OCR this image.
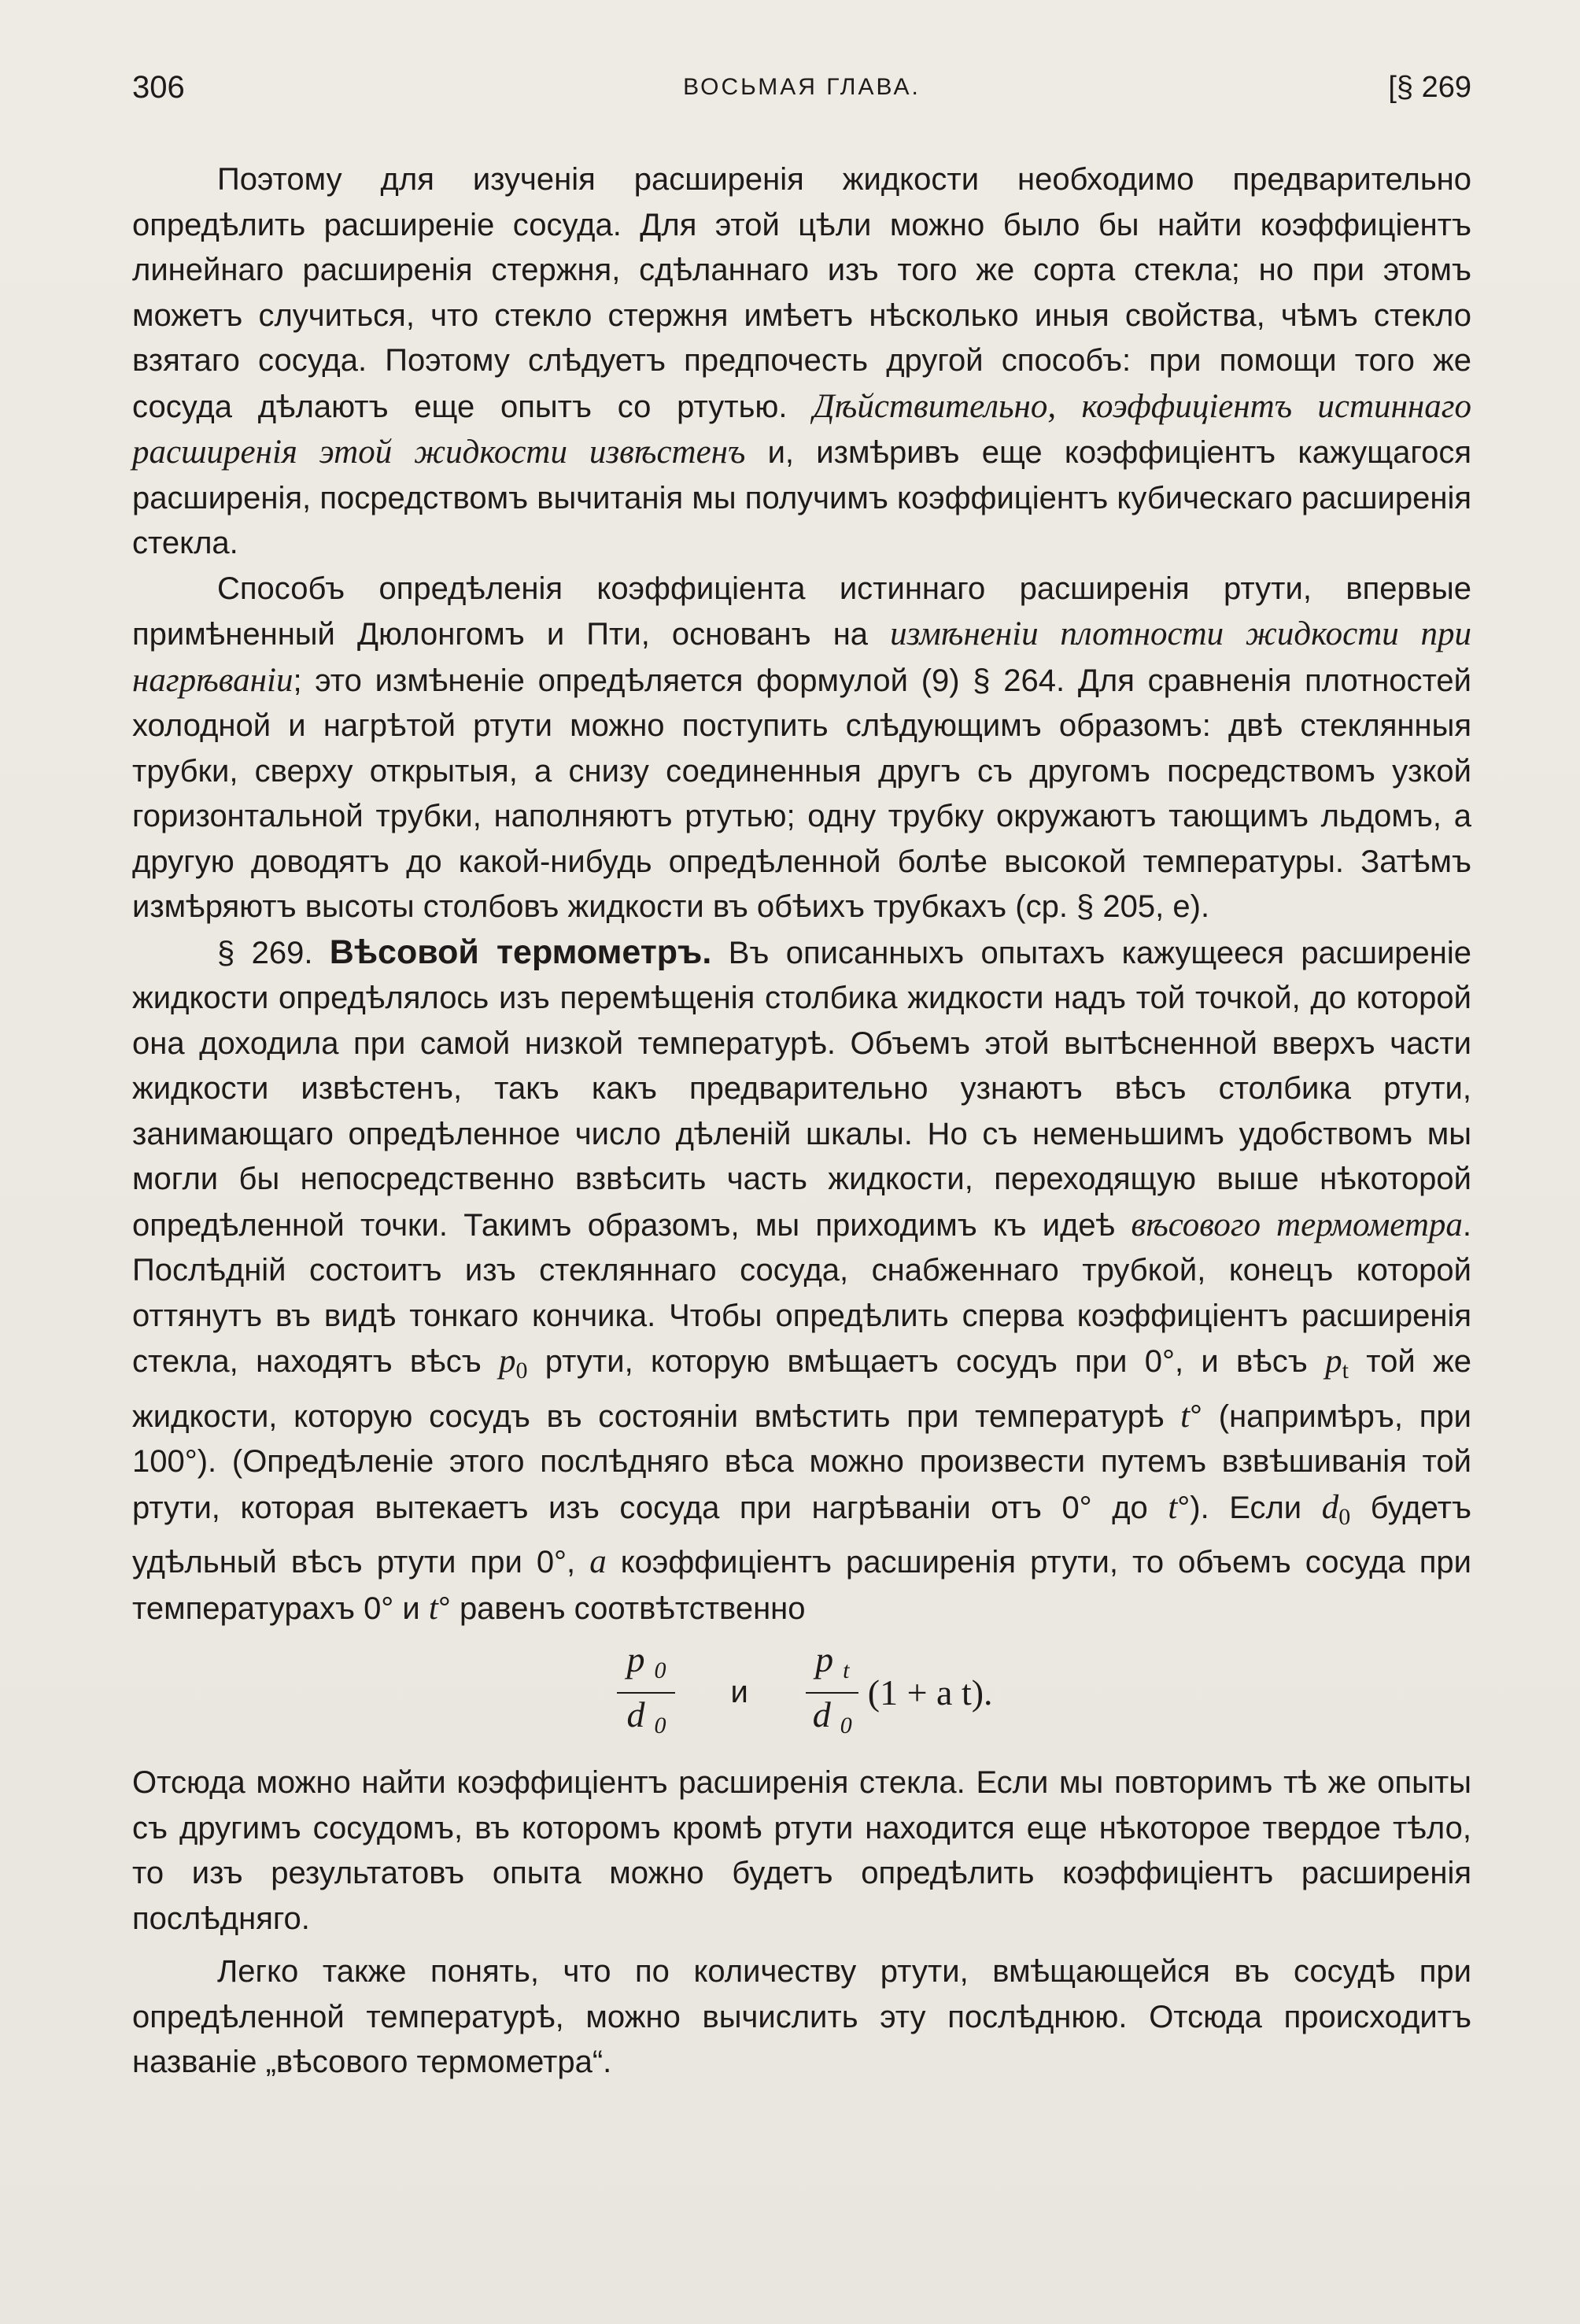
306	ВОСЬМАЯ ГЛАВА.	[§ 269

Поэтому для изученія расширенія жидкости необходимо предварительно опредѣлить расширеніе сосуда. Для этой цѣли можно было бы найти коэффиціентъ линейнаго расширенія стержня, сдѣланнаго изъ того же сорта стекла; но при этомъ можетъ случиться, что стекло стержня имѣетъ нѣсколько иныя свойства, чѣмъ стекло взятаго сосуда. Поэтому слѣдуетъ предпочесть другой способъ: при помощи того же сосуда дѣлаютъ еще опытъ со ртутью. Дѣйствительно, коэффиціентъ истиннаго расширенія этой жидкости извѣстенъ и, измѣривъ еще коэффиціентъ кажущагося расширенія, посредствомъ вычитанія мы получимъ коэффиціентъ кубическаго расширенія стекла.

Способъ опредѣленія коэффиціента истиннаго расширенія ртути, впервые примѣненный Дюлонгомъ и Пти, основанъ на измѣненіи плотности жидкости при нагрѣваніи; это измѣненіе опредѣляется формулой (9) § 264. Для сравненія плотностей холодной и нагрѣтой ртути можно поступить слѣдующимъ образомъ: двѣ стеклянныя трубки, сверху открытыя, а снизу соединенныя другъ съ другомъ посредствомъ узкой горизонтальной трубки, наполняютъ ртутью; одну трубку окружаютъ тающимъ льдомъ, а другую доводятъ до какой-нибудь опредѣленной болѣе высокой температуры. Затѣмъ измѣряютъ высоты столбовъ жидкости въ обѣихъ трубкахъ (ср. § 205, е).

§ 269. Вѣсовой термометръ. Въ описанныхъ опытахъ кажущееся расширеніе жидкости опредѣлялось изъ перемѣщенія столбика жидкости надъ той точкой, до которой она доходила при самой низкой температурѣ. Объемъ этой вытѣсненной вверхъ части жидкости извѣстенъ, такъ какъ предварительно узнаютъ вѣсъ столбика ртути, занимающаго опредѣленное число дѣленій шкалы. Но съ неменьшимъ удобствомъ мы могли бы непосредственно взвѣсить часть жидкости, переходящую выше нѣкоторой опредѣленной точки. Такимъ образомъ, мы приходимъ къ идеѣ вѣсового термометра. Послѣдній состоитъ изъ стекляннаго сосуда, снабженнаго трубкой, конецъ которой оттянутъ въ видѣ тонкаго кончика. Чтобы опредѣлить сперва коэффиціентъ расширенія стекла, находятъ вѣсъ $p_0$ ртути, которую вмѣщаетъ сосудъ при 0°, и вѣсъ $p_t$ той же жидкости, которую сосудъ въ состояніи вмѣстить при температурѣ t° (напримѣръ, при 100°). (Опредѣленіе этого послѣдняго вѣса можно произвести путемъ взвѣшиванія той ртути, которая вытекаетъ изъ сосуда при нагрѣваніи отъ 0° до t°). Если $d_0$ будетъ удѣльный вѣсъ ртути при 0°, a коэффиціентъ расширенія ртути, то объемъ сосуда при температурахъ 0° и t° равенъ соотвѣтственно

$\frac{p _0}{d _0}$ и $\frac{p _t}{d _0} (1 + a$ t).

Отсюда можно найти коэффиціентъ расширенія стекла. Если мы повторимъ тѣ же опыты съ другимъ сосудомъ, въ которомъ кромѣ ртути находится еще нѣкоторое твердое тѣло, то изъ результатовъ опыта можно будетъ опредѣлить коэффиціентъ расширенія послѣдняго.

Легко также понять, что по количеству ртути, вмѣщающейся въ сосудѣ при опредѣленной температурѣ, можно вычислить эту послѣднюю. Отсюда происходитъ названіе „вѣсового термометра“.
